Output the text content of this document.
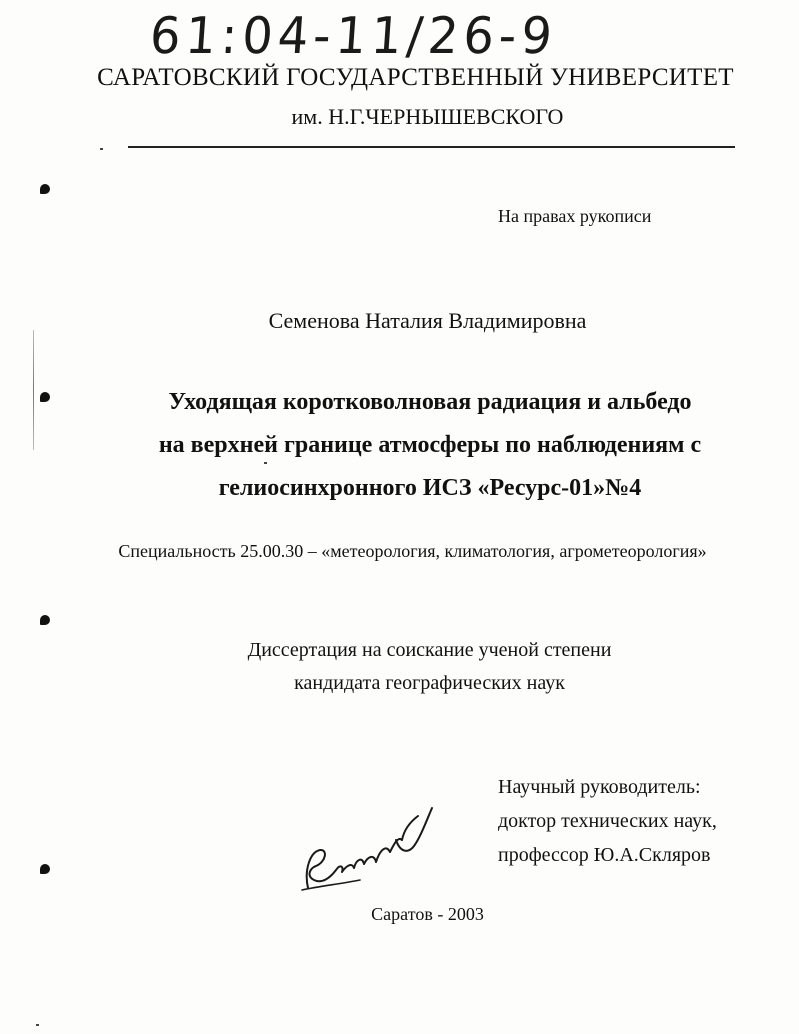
61:04-11/26-9
САРАТОВСКИЙ ГОСУДАРСТВЕННЫЙ УНИВЕРСИТЕТ
им. Н.Г.ЧЕРНЫШЕВСКОГО
На правах рукописи
Семенова Наталия Владимировна
Уходящая коротковолновая радиация и альбедо
на верхней границе атмосферы по наблюдениям с
гелиосинхронного ИСЗ «Ресурс-01»№4
Специальность 25.00.30 – «метеорология, климатология, агрометеорология»
Диссертация на соискание ученой степени
кандидата географических наук
Научный руководитель:
доктор технических наук,
профессор Ю.А.Скляров
Саратов - 2003
